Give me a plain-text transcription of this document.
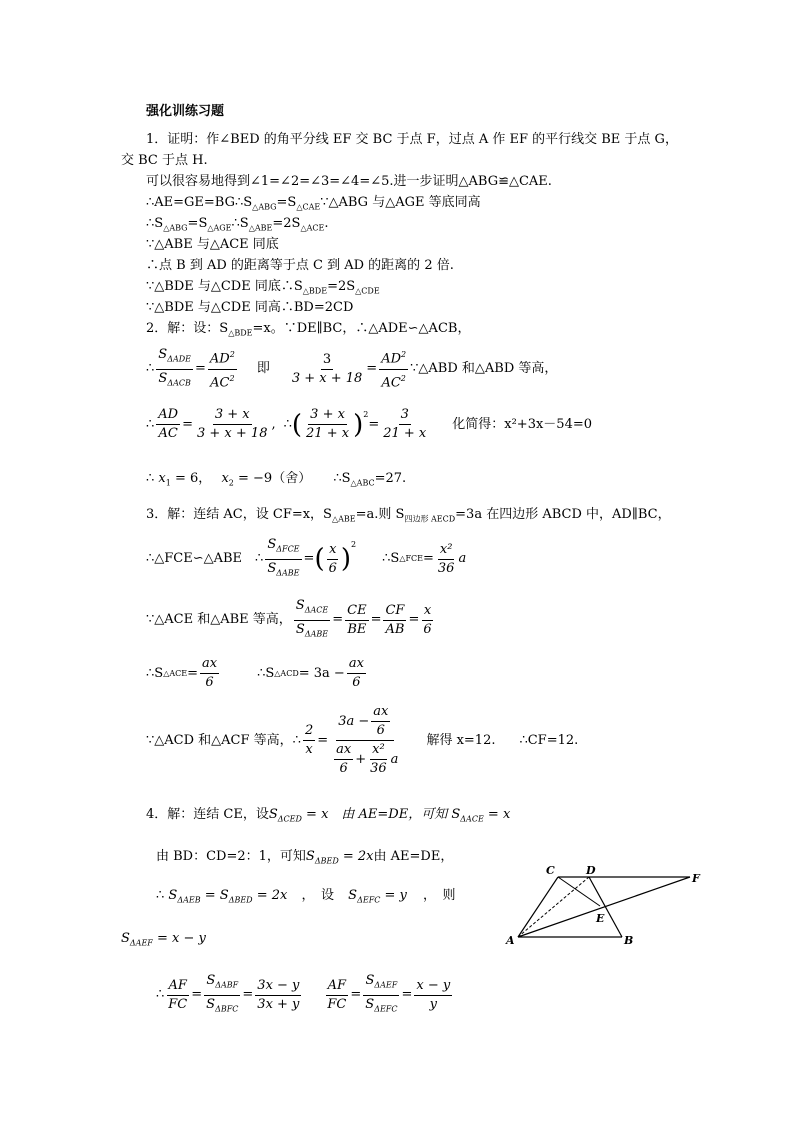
强化训练习题
1．证明：作∠BED 的角平分线 EF 交 BC 于点 F，过点 A 作 EF 的平行线交 BE 于点 G，
交 BC 于点 H.
可以很容易地得到∠1=∠2=∠3=∠4=∠5.进一步证明△ABG≌△CAE.
$\therefore AE=GE=BG\therefore S_{\triangle ABG}=S_{\triangle CAE}\because\triangle ABG$ 与△AGE 等底同高
$\therefore S_{\triangle ABG}=S_{\triangle AGE}\therefore S_{\triangle ABE}=2S_{\triangle ACE}$.
∵△ABE 与△ACE 同底
∴点 B 到 AD 的距离等于点 C 到 AD 的距离的 2 倍.
∵△BDE 与△CDE 同底$\therefore S_{\triangle BDE}=2S_{\triangle CDE}$
∵△BDE 与△CDE 同高∴BD=2CD
2．解：设：$S_{\triangle BDE}=x$。∵DE∥BC，∴△ADE∽△ACB，
∴ $\frac{S_{\Delta ADE}}{S_{\Delta ACB}} = \frac{AD^2}{AC^2}$ 即 $\frac{3}{3 + x + 18} = \frac{AD^2}{AC^2}$ ∵△ABD 和△ABD 等高，
∴ $\frac{AD}{AC} = \frac{3 + x}{3 + x + 18}$ , ∴ ( $\frac{3 + x}{21 + x} )^2$
= $\frac{3}{21 + x}$ 化简得：x²+3x－54=0
∴ $x_1 = 6$， $x_2 = -9$（舍） $\therefore S_{\triangle ABC}=27$.
3．解：连结 AC，设 CF=x，$S_{\triangle ABE}=a$.则 $S_{四边形 AECD}=3a$ 在四边形 ABCD 中，AD∥BC，
∴△FCE∽△ABE　∴ $\frac{S_{\Delta FCE}}{S_{\Delta ABE}}$ = ( $\frac{x}{6} )^2$
∴S △FCE = $\frac{\text{x²}}{36}$ a
∵△ACE 和△ABE 等高， $\frac{S_{\Delta ACE}}{S_{\Delta ABE}} = \frac{CE}{BE} = \frac{CF}{AB} = \frac{x}{6}$
∴S △ACE = $\frac{ax}{6}$	∴S △ACD = $3a - \frac{ax}{6}$
∵△ACD 和△ACF 等高， ∴ $\frac{2}{x} = \frac{3a - \frac{ax}{6}}{\frac{ax}{6} + \frac{\text{x²}}{36} a}$ 解得 x=12. ∴CF=12.
4．解：连结 CE，设$S_{\Delta CED} = x$　由 AE=DE，可知 $S_{\Delta ACE} = x$
由 BD：CD=2：1，可知$S_{\Delta BED} = 2x$由 AE=DE，
∴ $S_{\Delta AEB} = S_{\Delta BED} = 2x$ ，　设 $S_{\Delta EFC} = y$ ，　则
$S_{\Delta AEF} = x - y$
∴ $\frac{AF}{FC} = \frac{S_{\Delta ABF}}{S_{\Delta BFC}} = \frac{3x - y}{3x + y} \frac{AF}{FC} = \frac{S_{\Delta AEF}}{S_{\Delta EFC}} = \frac{x - y}{y}$
C	D
F
E
A	B
